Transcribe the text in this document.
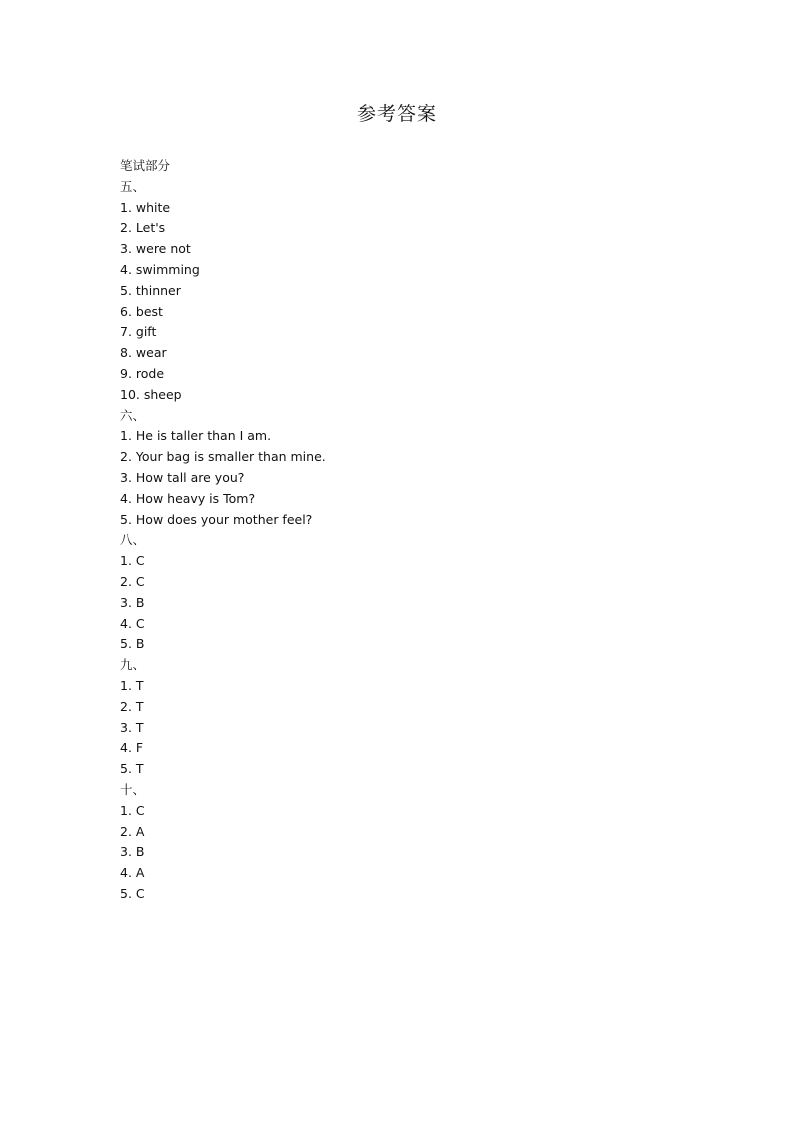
参考答案
笔试部分
五、
1. white
2. Let's
3. were not
4. swimming
5. thinner
6. best
7. gift
8. wear
9. rode
10. sheep
六、
1. He is taller than I am.
2. Your bag is smaller than mine.
3. How tall are you?
4. How heavy is Tom?
5. How does your mother feel?
八、
1. C
2. C
3. B
4. C
5. B
九、
1. T
2. T
3. T
4. F
5. T
十、
1. C
2. A
3. B
4. A
5. C
